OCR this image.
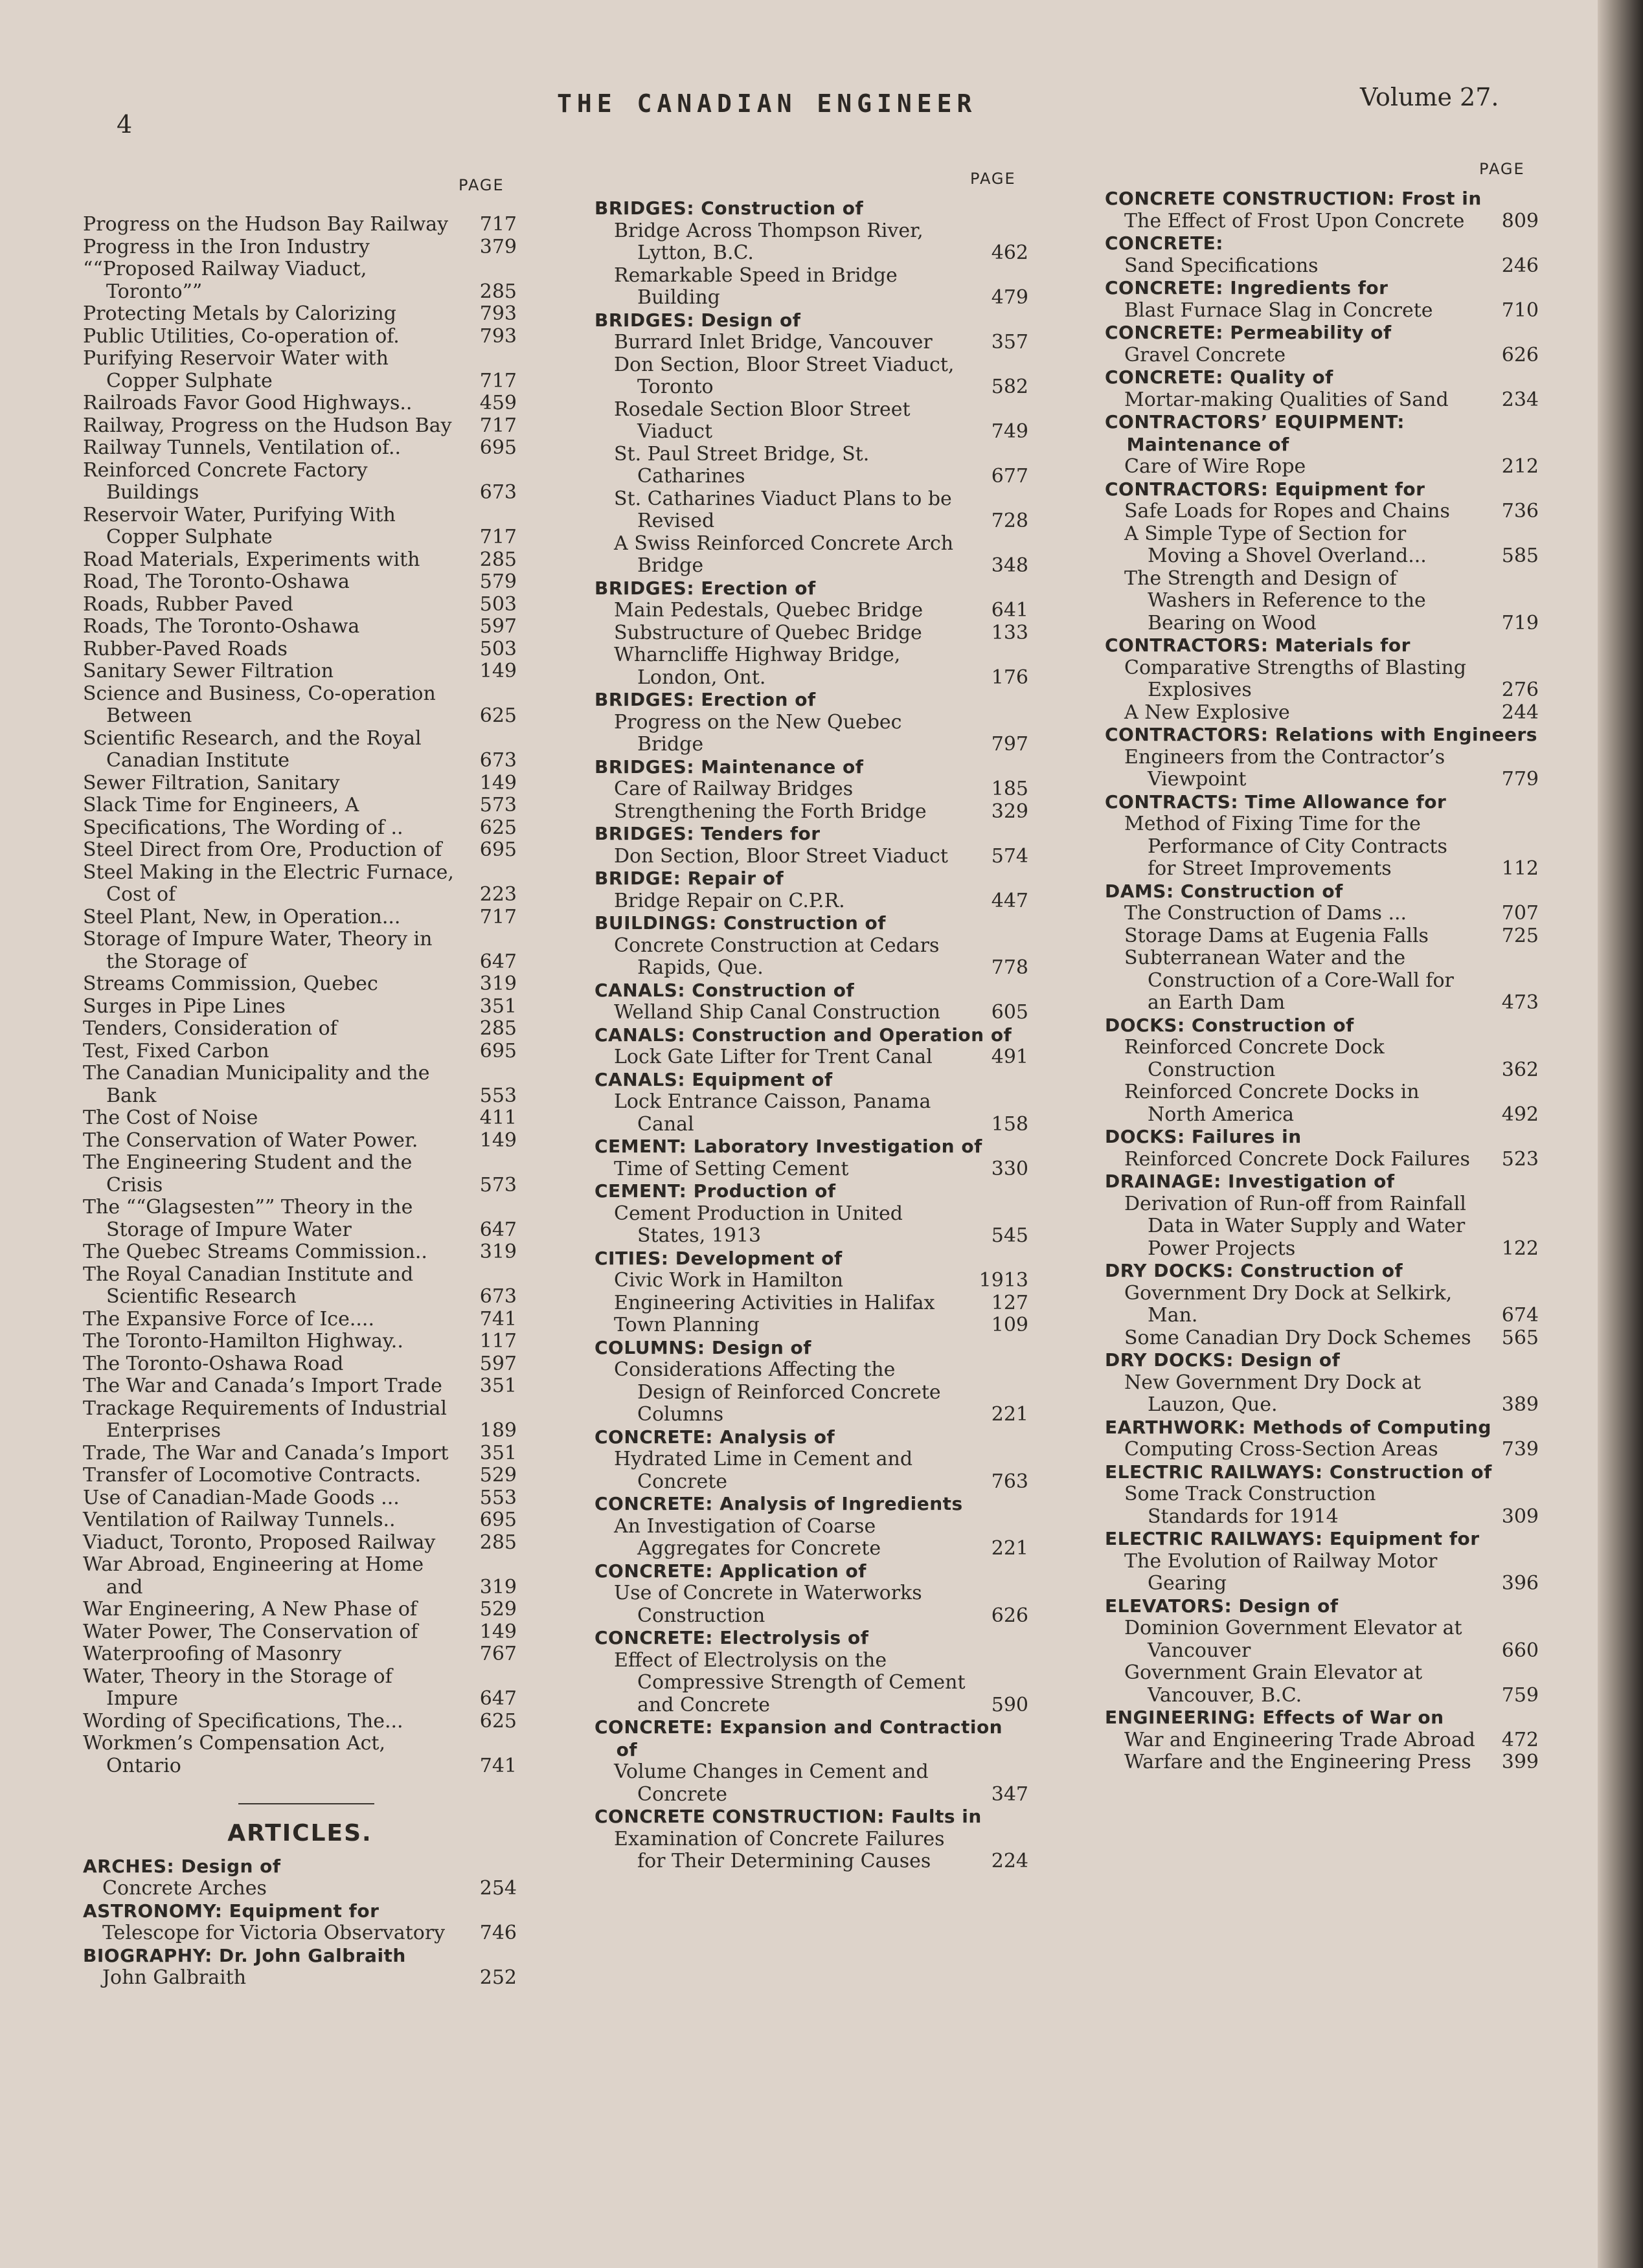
4
THE CANADIAN ENGINEER	Volume 27.
PAGE	PAGE
PAGE
Progress on the Hudson Bay Railway	717
Progress in the Iron Industry	379
““Proposed Railway Viaduct, Toronto””	285
Protecting Metals by Calorizing	793
Public Utilities, Co-operation of.	793
Purifying Reservoir Water with Copper Sulphate	717
Railroads Favor Good Highways..	459
Railway, Progress on the Hudson Bay	717
Railway Tunnels, Ventilation of..	695
Reinforced Concrete Factory Buildings	673
Reservoir Water, Purifying With Copper Sulphate	717
Road Materials, Experiments with	285
Road, The Toronto-Oshawa	579
Roads, Rubber Paved	503
Roads, The Toronto-Oshawa	597
Rubber-Paved Roads	503
Sanitary Sewer Filtration	149
Science and Business, Co-operation Between	625
Scientific Research, and the Royal Canadian Institute	673
Sewer Filtration, Sanitary	149
Slack Time for Engineers, A	573
Specifications, The Wording of ..	625
Steel Direct from Ore, Production of	695
Steel Making in the Electric Furnace, Cost of	223
Steel Plant, New, in Operation...	717
Storage of Impure Water, Theory in the Storage of	647
Streams Commission, Quebec	319
Surges in Pipe Lines	351
Tenders, Consideration of	285
Test, Fixed Carbon	695
The Canadian Municipality and the Bank	553
The Cost of Noise	411
The Conservation of Water Power.	149
The Engineering Student and the Crisis	573
The ““Glagsesten”” Theory in the Storage of Impure Water	647
The Quebec Streams Commission..	319
The Royal Canadian Institute and Scientific Research	673
The Expansive Force of Ice....	741
The Toronto-Hamilton Highway..	117
The Toronto-Oshawa Road	597
The War and Canada’s Import Trade	351
Trackage Requirements of Industrial Enterprises	189
Trade, The War and Canada’s Import	351
Transfer of Locomotive Contracts.	529
Use of Canadian-Made Goods ...	553
Ventilation of Railway Tunnels..	695
Viaduct, Toronto, Proposed Railway	285
War Abroad, Engineering at Home and	319
War Engineering, A New Phase of	529
Water Power, The Conservation of	149
Waterproofing of Masonry	767
Water, Theory in the Storage of Impure	647
Wording of Specifications, The...	625
Workmen’s Compensation Act, Ontario	741
ARTICLES.
ARCHES: Design of
Concrete Arches	254
ASTRONOMY: Equipment for
Telescope for Victoria Observatory	746
BIOGRAPHY: Dr. John Galbraith
John Galbraith	252
BRIDGES: Construction of
Bridge Across Thompson River, Lytton, B.C.	462
Remarkable Speed in Bridge Building	479
BRIDGES: Design of
Burrard Inlet Bridge, Vancouver	357
Don Section, Bloor Street Viaduct, Toronto	582
Rosedale Section Bloor Street Viaduct	749
St. Paul Street Bridge, St. Catharines	677
St. Catharines Viaduct Plans to be Revised	728
A Swiss Reinforced Concrete Arch Bridge	348
BRIDGES: Erection of
Main Pedestals, Quebec Bridge	641
Substructure of Quebec Bridge	133
Wharncliffe Highway Bridge, London, Ont.	176
BRIDGES: Erection of
Progress on the New Quebec Bridge	797
BRIDGES: Maintenance of
Care of Railway Bridges	185
Strengthening the Forth Bridge	329
BRIDGES: Tenders for
Don Section, Bloor Street Viaduct	574
BRIDGE: Repair of
Bridge Repair on C.P.R.	447
BUILDINGS: Construction of
Concrete Construction at Cedars Rapids, Que.	778
CANALS: Construction of
Welland Ship Canal Construction	605
CANALS: Construction and Operation of
Lock Gate Lifter for Trent Canal	491
CANALS: Equipment of
Lock Entrance Caisson, Panama Canal	158
CEMENT: Laboratory Investigation of
Time of Setting Cement	330
CEMENT: Production of
Cement Production in United States, 1913	545
CITIES: Development of
Civic Work in Hamilton	1913
Engineering Activities in Halifax	127
Town Planning	109
COLUMNS: Design of
Considerations Affecting the Design of Reinforced Concrete Columns	221
CONCRETE: Analysis of
Hydrated Lime in Cement and Concrete	763
CONCRETE: Analysis of Ingredients
An Investigation of Coarse Aggregates for Concrete	221
CONCRETE: Application of
Use of Concrete in Waterworks Construction	626
CONCRETE: Electrolysis of
Effect of Electrolysis on the Compressive Strength of Cement and Concrete	590
CONCRETE: Expansion and Contraction of
Volume Changes in Cement and Concrete	347
CONCRETE CONSTRUCTION: Faults in
Examination of Concrete Failures for Their Determining Causes	224
CONCRETE CONSTRUCTION: Frost in
The Effect of Frost Upon Concrete	809
CONCRETE:
Sand Specifications	246
CONCRETE: Ingredients for
Blast Furnace Slag in Concrete	710
CONCRETE: Permeability of
Gravel Concrete	626
CONCRETE: Quality of
Mortar-making Qualities of Sand	234
CONTRACTORS’ EQUIPMENT: Maintenance of
Care of Wire Rope	212
CONTRACTORS: Equipment for
Safe Loads for Ropes and Chains	736
A Simple Type of Section for Moving a Shovel Overland...	585
The Strength and Design of Washers in Reference to the Bearing on Wood	719
CONTRACTORS: Materials for
Comparative Strengths of Blasting Explosives	276
A New Explosive	244
CONTRACTORS: Relations with Engineers
Engineers from the Contractor’s Viewpoint	779
CONTRACTS: Time Allowance for
Method of Fixing Time for the Performance of City Contracts for Street Improvements	112
DAMS: Construction of
The Construction of Dams ...	707
Storage Dams at Eugenia Falls	725
Subterranean Water and the Construction of a Core-Wall for an Earth Dam	473
DOCKS: Construction of
Reinforced Concrete Dock Construction	362
Reinforced Concrete Docks in North America	492
DOCKS: Failures in
Reinforced Concrete Dock Failures	523
DRAINAGE: Investigation of
Derivation of Run-off from Rainfall Data in Water Supply and Water Power Projects	122
DRY DOCKS: Construction of
Government Dry Dock at Selkirk, Man.	674
Some Canadian Dry Dock Schemes	565
DRY DOCKS: Design of
New Government Dry Dock at Lauzon, Que.	389
EARTHWORK: Methods of Computing
Computing Cross-Section Areas	739
ELECTRIC RAILWAYS: Construction of
Some Track Construction Standards for 1914	309
ELECTRIC RAILWAYS: Equipment for
The Evolution of Railway Motor Gearing	396
ELEVATORS: Design of
Dominion Government Elevator at Vancouver	660
Government Grain Elevator at Vancouver, B.C.	759
ENGINEERING: Effects of War on
War and Engineering Trade Abroad	472
Warfare and the Engineering Press	399
